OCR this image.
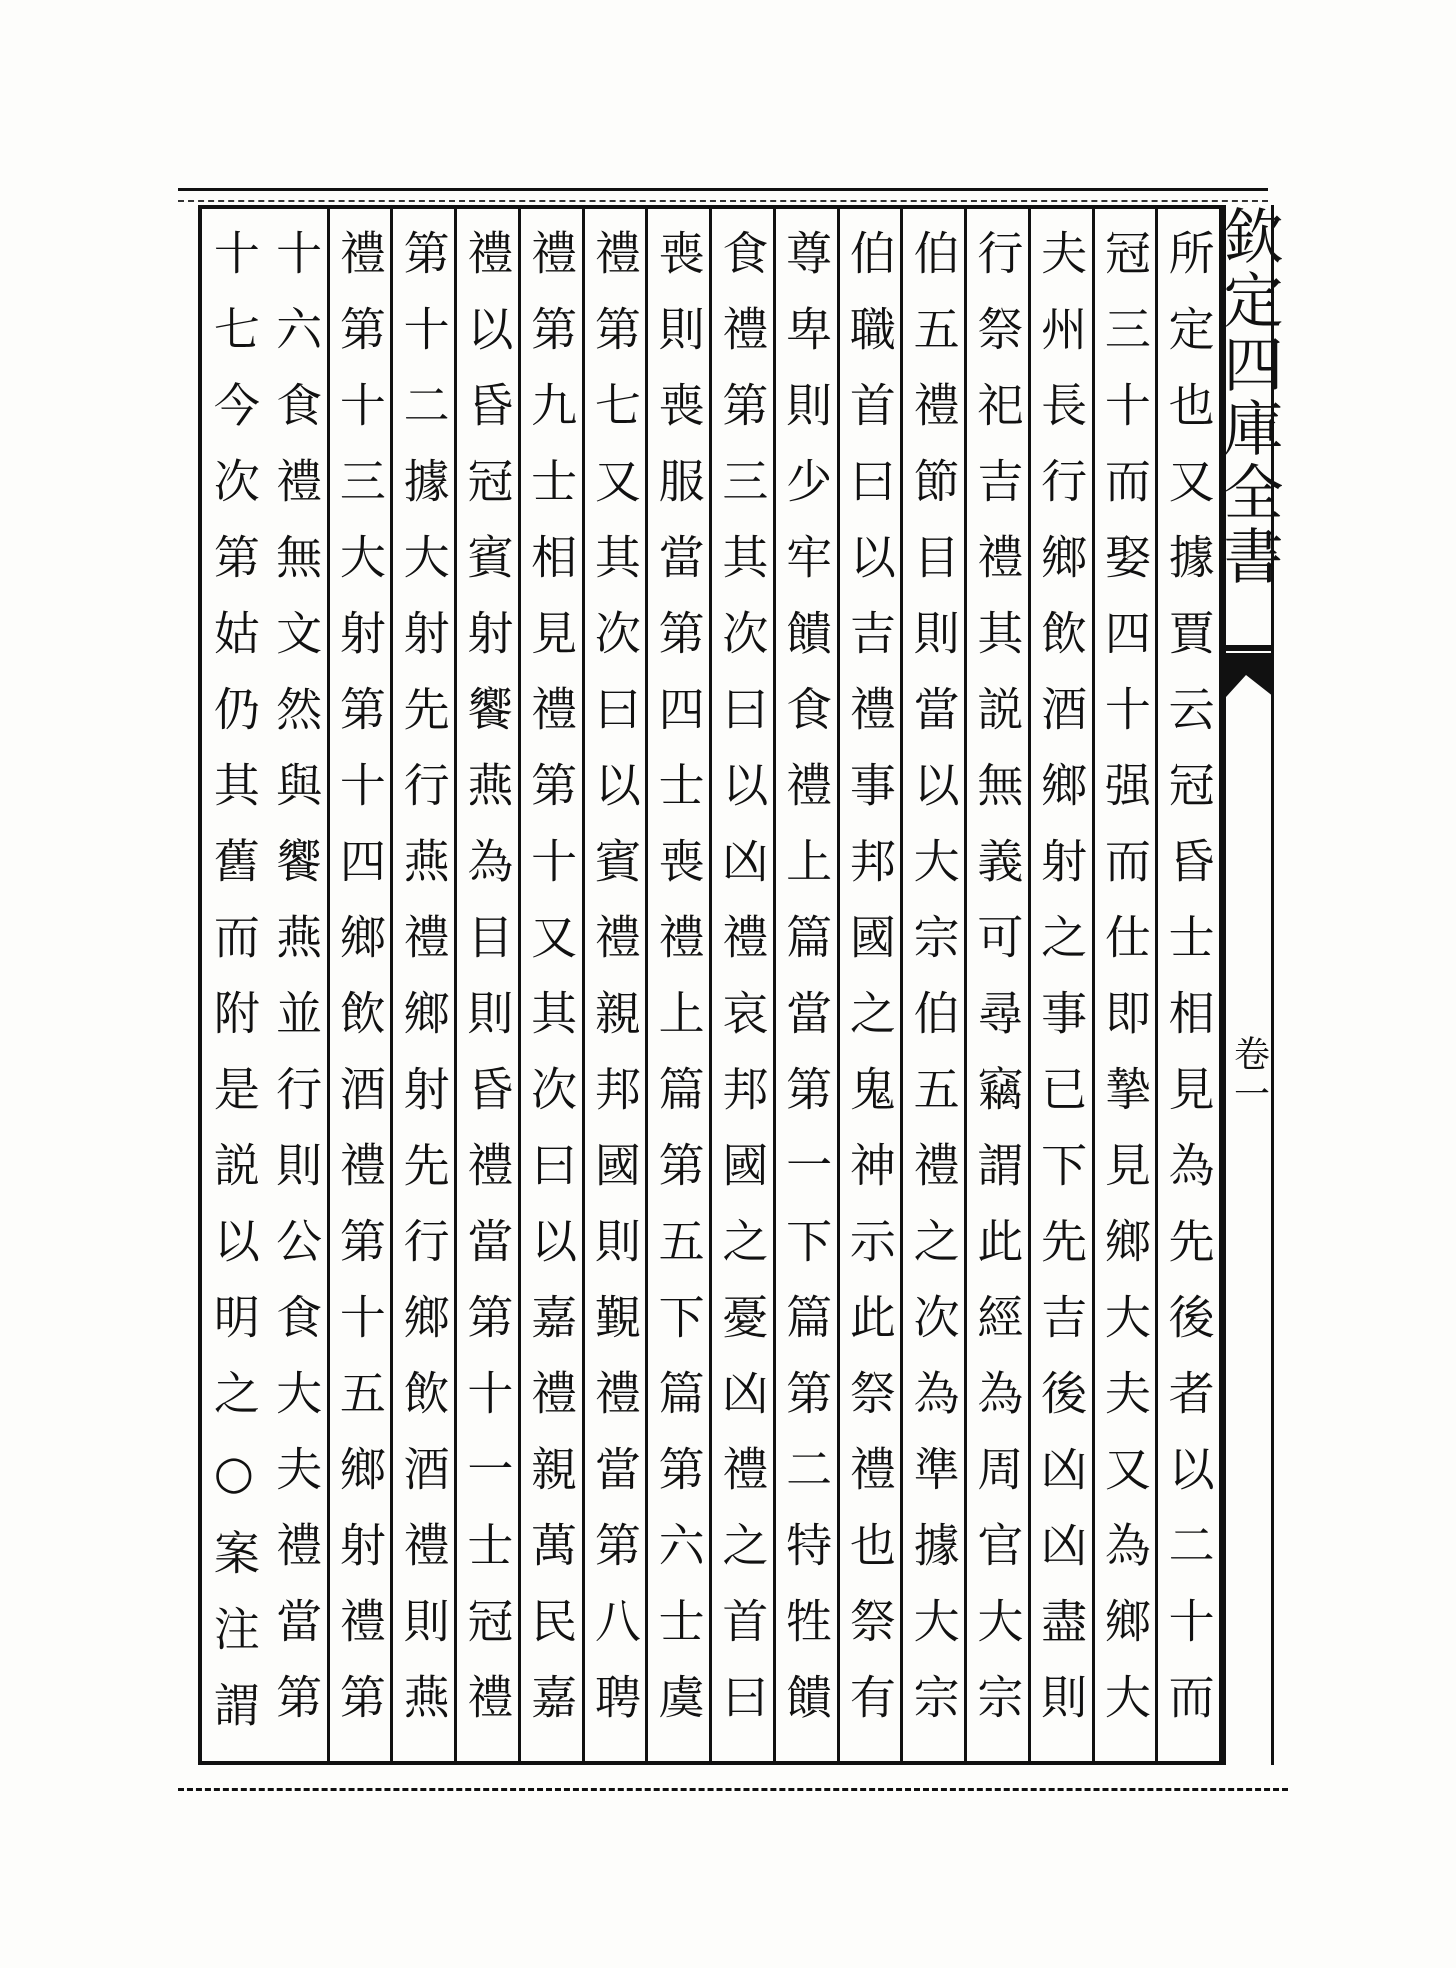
欽定四庫全書
卷一
所定也又據賈云冠昏士相見為先後者以二十而
冠三十而娶四十强而仕即摯見鄉大夫又為鄉大
夫州長行鄉飲酒鄉射之事已下先吉後凶凶盡則
行祭祀吉禮其説無義可尋竊謂此經為周官大宗
伯五禮節目則當以大宗伯五禮之次為準據大宗
伯職首曰以吉禮事邦國之鬼神示此祭禮也祭有
尊卑則少牢饋食禮上篇當第一下篇第二特牲饋
食禮第三其次曰以凶禮哀邦國之憂凶禮之首曰
喪則喪服當第四士喪禮上篇第五下篇第六士虞
禮第七又其次曰以賓禮親邦國則覲禮當第八聘
禮第九士相見禮第十又其次曰以嘉禮親萬民嘉
禮以昏冠賓射饗燕為目則昏禮當第十一士冠禮
第十二據大射先行燕禮鄉射先行鄉飲酒禮則燕
禮第十三大射第十四鄉飲酒禮第十五鄉射禮第
十六食禮無文然與饗燕並行則公食大夫禮當第
十七今次第姑仍其舊而附是説以明之○案注謂
